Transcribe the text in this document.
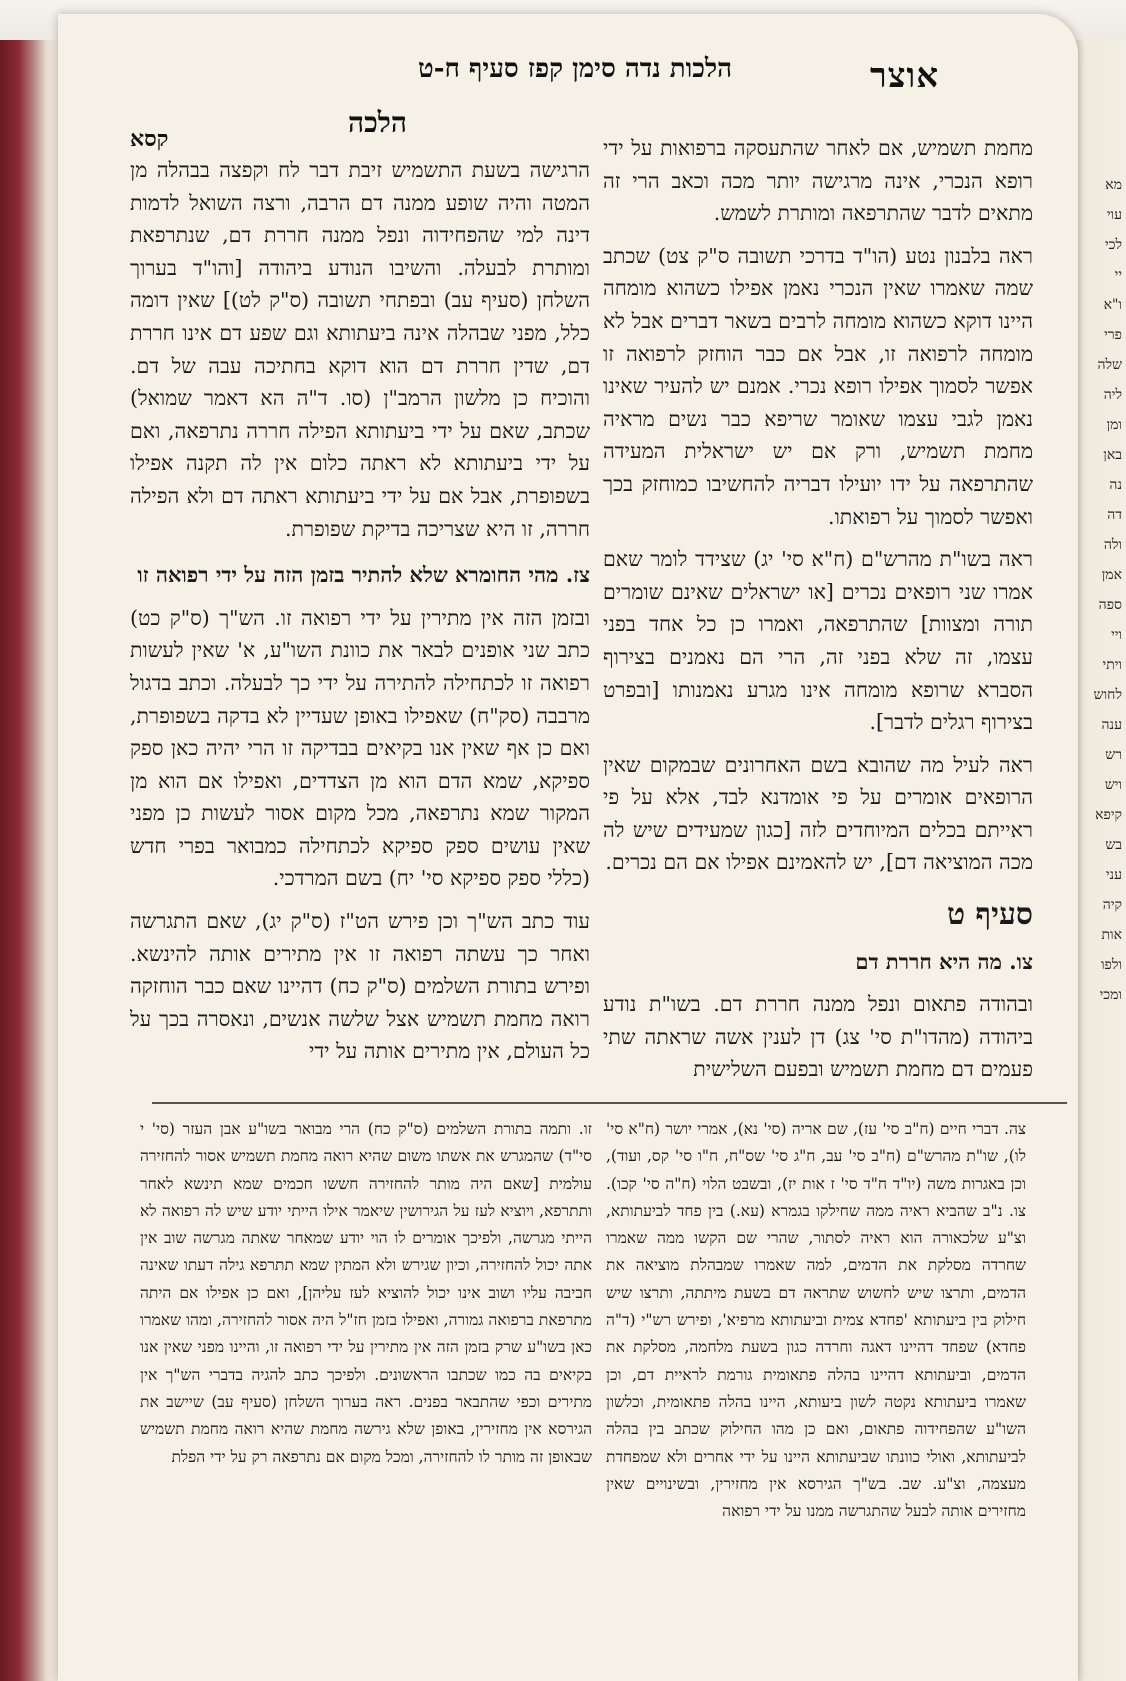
מא
עוי
לכי
יי
ו"א
פרי
שלה
ליה
ומן
באן
נה
דה
ולה
אמן
ספה
ויי
ויתי
לחוש
ענה
רש
ויש
קיפא
בש
עני
קיה
אות
ולפו
ומכי
אוצר
הלכות נדה סימן קפז סעיף ח-ט
הלכה
קסא	מחמת תשמיש, אם לאחר שהתעסקה ברפואות על ידי רופא הנכרי, אינה מרגישה יותר מכה וכאב הרי זה מתאים לדבר שהתרפאה ומותרת לשמש.

ראה בלבנון נטע (הו"ד בדרכי תשובה ס"ק צט) שכתב שמה שאמרו שאין הנכרי נאמן אפילו כשהוא מומחה היינו דוקא כשהוא מומחה לרבים בשאר דברים אבל לא מומחה לרפואה זו, אבל אם כבר הוחזק לרפואה זו אפשר לסמוך אפילו רופא נכרי. אמנם יש להעיר שאינו נאמן לגבי עצמו שאומר שריפא כבר נשים מראיה מחמת תשמיש, ורק אם יש ישראלית המעידה שהתרפאה על ידו יועילו דבריה להחשיבו כמוחזק בכך ואפשר לסמוך על רפואתו.

ראה בשו"ת מהרש"ם (ח"א סי' יג) שצידד לומר שאם אמרו שני רופאים נכרים [או ישראלים שאינם שומרים תורה ומצוות] שהתרפאה, ואמרו כן כל אחד בפני עצמו, זה שלא בפני זה, הרי הם נאמנים בצירוף הסברא שרופא מומחה אינו מגרע נאמנותו [ובפרט בצירוף רגלים לדבר].

ראה לעיל מה שהובא בשם האחרונים שבמקום שאין הרופאים אומרים על פי אומדנא לבד, אלא על פי ראייתם בכלים המיוחדים לזה [כגון שמעידים שיש לה מכה המוציאה דם], יש להאמינם אפילו אם הם נכרים.

סעיף ט
צו. מה היא חררת דם

ובהודה פתאום ונפל ממנה חררת דם. בשו"ת נודע ביהודה (מהדו"ת סי' צג) דן לענין אשה שראתה שתי פעמים דם מחמת תשמיש ובפעם השלישית

הרגישה בשעת התשמיש זיבת דבר לח וקפצה בבהלה מן המטה והיה שופע ממנה דם הרבה, ורצה השואל לדמות דינה למי שהפחידוה ונפל ממנה חררת דם, שנתרפאת ומותרת לבעלה. והשיבו הנודע ביהודה [והו"ד בערוך השלחן (סעיף עב) ובפתחי תשובה (ס"ק לט)] שאין דומה כלל, מפני שבהלה אינה ביעתותא וגם שפע דם אינו חררת דם, שדין חררת דם הוא דוקא בחתיכה עבה של דם. והוכיח כן מלשון הרמב"ן (סו. ד"ה הא דאמר שמואל) שכתב, שאם על ידי ביעתותא הפילה חררה נתרפאה, ואם על ידי ביעתותא לא ראתה כלום אין לה תקנה אפילו בשפופרת, אבל אם על ידי ביעתותא ראתה דם ולא הפילה חררה, זו היא שצריכה בדיקת שפופרת.

צז. מהי החומרא שלא להתיר בזמן הזה על ידי רפואה זו

ובזמן הזה אין מתירין על ידי רפואה זו. הש"ך (ס"ק כט) כתב שני אופנים לבאר את כוונת השו"ע, א' שאין לעשות רפואה זו לכתחילה להתירה על ידי כך לבעלה. וכתב בדגול מרבבה (סק"ח) שאפילו באופן שעדיין לא בדקה בשפופרת, ואם כן אף שאין אנו בקיאים בבדיקה זו הרי יהיה כאן ספק ספיקא, שמא הדם הוא מן הצדדים, ואפילו אם הוא מן המקור שמא נתרפאה, מכל מקום אסור לעשות כן מפני שאין עושים ספק ספיקא לכתחילה כמבואר בפרי חדש (כללי ספק ספיקא סי' יח) בשם המרדכי.

עוד כתב הש"ך וכן פירש הט"ז (ס"ק יג), שאם התגרשה ואחר כך עשתה רפואה זו אין מתירים אותה להינשא. ופירש בתורת השלמים (ס"ק כח) דהיינו שאם כבר הוחזקה רואה מחמת תשמיש אצל שלשה אנשים, ונאסרה בכך על כל העולם, אין מתירים אותה על ידי

צה. דברי חיים (ח"ב סי' עז), שם אריה (סי' נא), אמרי יושר (ח"א סי' לו), שו"ת מהרש"ם (ח"ב סי' עב, ח"ג סי' שס"ח, ח"ו סי' קס, ועוד), וכן באגרות משה (יו"ד ח"ד סי' ז אות יז), ובשבט הלוי (ח"ה סי' קכו). צו. נ"ב שהביא ראיה ממה שחילקו בגמרא (עא.) בין פחד לביעתותא, וצ"ע שלכאורה הוא ראיה לסתור, שהרי שם הקשו ממה שאמרו שחרדה מסלקת את הדמים, למה שאמרו שמבהלת מוציאה את הדמים, ותרצו שיש לחשוש שתראה דם בשעת מיתתה, ותרצו שיש חילוק בין ביעתותא 'פחדא צמית וביעתותא מרפיא', ופירש רש"י (ד"ה פחדא) שפחד דהיינו דאגה וחרדה כגון בשעת מלחמה, מסלקת את הדמים, וביעתותא דהיינו בהלה פתאומית גורמת לראיית דם, וכן שאמרו ביעתותא נקטה לשון ביעותא, היינו בהלה פתאומית, וכלשון השו"ע שהפחידוה פתאום, ואם כן מהו החילוק שכתב בין בהלה לביעתותא, ואולי כוונתו שביעתותא היינו על ידי אחרים ולא שמפחדת מעצמה, וצ"ע. שב. בש"ך הגירסא אין מחזירין, ובשינויים שאין מחזירים אותה לבעל שהתגרשה ממנו על ידי רפואה
זו. ותמה בתורת השלמים (ס"ק כח) הרי מבואר בשו"ע אבן העזר (סי' י סי"ד) שהמגרש את אשתו משום שהיא רואה מחמת תשמיש אסור להחזירה עולמית [שאם היה מותר להחזירה חששו חכמים שמא תינשא לאחר ותתרפא, ויוציא לעז על הגירושין שיאמר אילו הייתי יודע שיש לה רפואה לא הייתי מגרשה, ולפיכך אומרים לו הוי יודע שמאחר שאתה מגרשה שוב אין אתה יכול להחזירה, וכיון שגירש ולא המתין שמא תתרפא גילה דעתו שאינה חביבה עליו ושוב אינו יכול להוציא לעז עליהן], ואם כן אפילו אם היתה מתרפאת ברפואה גמורה, ואפילו בזמן חז"ל היה אסור להחזירה, ומהו שאמרו כאן בשו"ע שרק בזמן הזה אין מתירין על ידי רפואה זו, והיינו מפני שאין אנו בקיאים בה כמו שכתבו הראשונים. ולפיכך כתב להגיה בדברי הש"ך אין מתירים וכפי שהתבאר בפנים. ראה בערוך השלחן (סעיף עב) שיישב את הגירסא אין מחזירין, באופן שלא גירשה מחמת שהיא רואה מחמת תשמיש שבאופן זה מותר לו להחזירה, ומכל מקום אם נתרפאה רק על ידי הפלת
